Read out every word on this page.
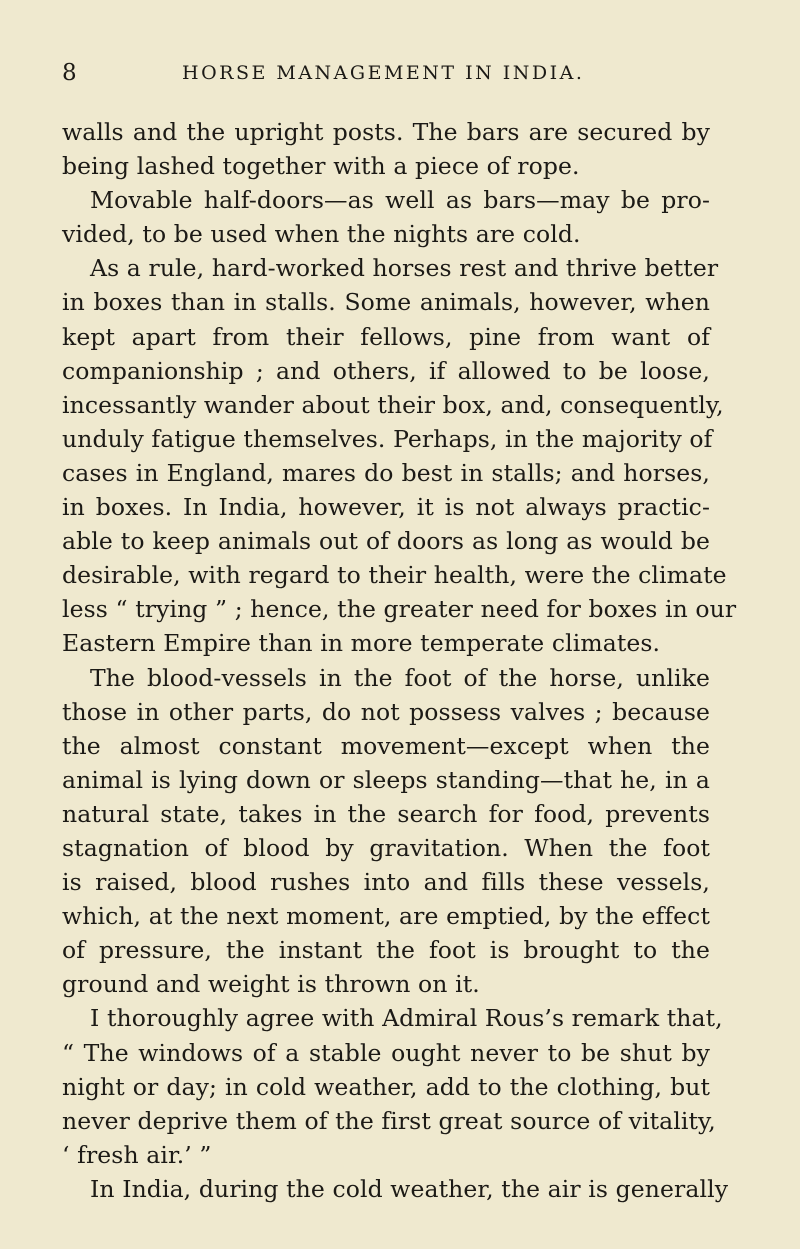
8	HORSE MANAGEMENT IN INDIA.
walls and the upright posts. The bars are secured by
being lashed together with a piece of rope.
Movable half-doors—as well as bars—may be pro-
vided, to be used when the nights are cold.
As a rule, hard-worked horses rest and thrive better
in boxes than in stalls. Some animals, however, when
kept apart from their fellows, pine from want of
companionship ; and others, if allowed to be loose,
incessantly wander about their box, and, consequently,
unduly fatigue themselves. Perhaps, in the majority of
cases in England, mares do best in stalls; and horses,
in boxes. In India, however, it is not always practic-
able to keep animals out of doors as long as would be
desirable, with regard to their health, were the climate
less “ trying ” ; hence, the greater need for boxes in our
Eastern Empire than in more temperate climates.
The blood-vessels in the foot of the horse, unlike
those in other parts, do not possess valves ; because
the almost constant movement—except when the
animal is lying down or sleeps standing—that he, in a
natural state, takes in the search for food, prevents
stagnation of blood by gravitation. When the foot
is raised, blood rushes into and fills these vessels,
which, at the next moment, are emptied, by the effect
of pressure, the instant the foot is brought to the
ground and weight is thrown on it.
I thoroughly agree with Admiral Rous’s remark that,
“ The windows of a stable ought never to be shut by
night or day; in cold weather, add to the clothing, but
never deprive them of the first great source of vitality,
‘ fresh air.’ ”
In India, during the cold weather, the air is generally
